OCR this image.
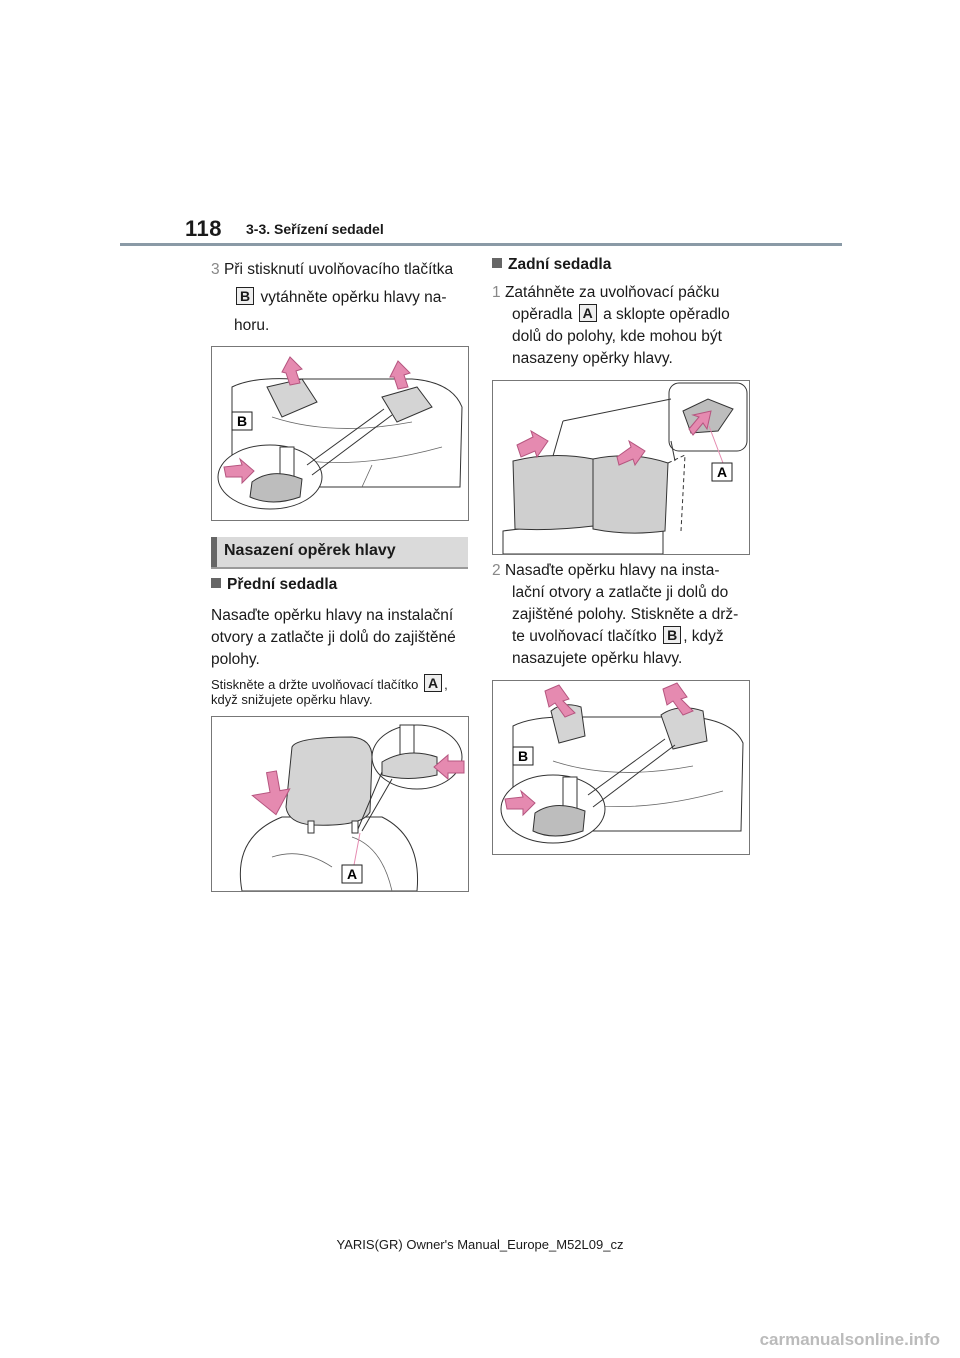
118 3-3. Seřízení sedadel
3 Při stisknutí uvolňovacího tlačítka
B vytáhněte opěrku hlavy na-
horu.
B
Nasazení opěrek hlavy
Přední sedadla
Nasaďte opěrku hlavy na instalační
otvory a zatlačte ji dolů do zajištěné
polohy.
Stiskněte a držte uvolňovací tlačítko A ,
když snižujete opěrku hlavy.
A
Zadní sedadla
1 Zatáhněte za uvolňovací páčku
opěradla A a sklopte opěradlo
dolů do polohy, kde mohou být
nasazeny opěrky hlavy.
A
2 Nasaďte opěrku hlavy na insta-
lační otvory a zatlačte ji dolů do
zajištěné polohy. Stiskněte a drž-
te uvolňovací tlačítko B , když
nasazujete opěrku hlavy.
B
YARIS(GR) Owner's Manual_Europe_M52L09_cz
carmanualsonline.info
